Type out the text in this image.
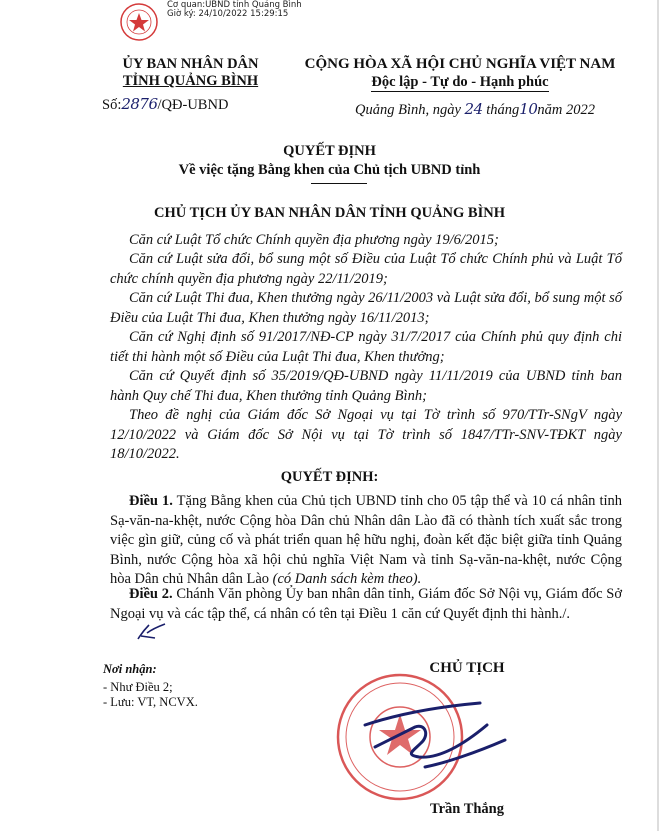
Cơ quan:UBND tỉnh Quảng Bình
Giờ ký: 24/10/2022 15:29:15
ỦY BAN NHÂN DÂN
TỈNH QUẢNG BÌNH
Số:2876/QĐ-UBND
CỘNG HÒA XÃ HỘI CHỦ NGHĨA VIỆT NAM
Độc lập - Tự do - Hạnh phúc
Quảng Bình, ngày 24 tháng10năm 2022
QUYẾT ĐỊNH
Về việc tặng Bằng khen của Chủ tịch UBND tỉnh
CHỦ TỊCH ỦY BAN NHÂN DÂN TỈNH QUẢNG BÌNH
Căn cứ Luật Tổ chức Chính quyền địa phương ngày 19/6/2015;
Căn cứ Luật sửa đổi, bổ sung một số Điều của Luật Tổ chức Chính phủ và Luật Tổ chức chính quyền địa phương ngày 22/11/2019;
Căn cứ Luật Thi đua, Khen thưởng ngày 26/11/2003 và Luật sửa đổi, bổ sung một số Điều của Luật Thi đua, Khen thưởng ngày 16/11/2013;
Căn cứ Nghị định số 91/2017/NĐ-CP ngày 31/7/2017 của Chính phủ quy định chi tiết thi hành một số Điều của Luật Thi đua, Khen thưởng;
Căn cứ Quyết định số 35/2019/QĐ-UBND ngày 11/11/2019 của UBND tỉnh ban hành Quy chế Thi đua, Khen thưởng tỉnh Quảng Bình;
Theo đề nghị của Giám đốc Sở Ngoại vụ tại Tờ trình số 970/TTr-SNgV ngày 12/10/2022 và Giám đốc Sở Nội vụ tại Tờ trình số 1847/TTr-SNV-TĐKT ngày 18/10/2022.
QUYẾT ĐỊNH:
Điều 1. Tặng Bằng khen của Chủ tịch UBND tỉnh cho 05 tập thể và 10 cá nhân tỉnh Sạ-văn-na-khệt, nước Cộng hòa Dân chủ Nhân dân Lào đã có thành tích xuất sắc trong việc gìn giữ, củng cố và phát triển quan hệ hữu nghị, đoàn kết đặc biệt giữa tỉnh Quảng Bình, nước Cộng hòa xã hội chủ nghĩa Việt Nam và tỉnh Sạ-văn-na-khệt, nước Cộng hòa Dân chủ Nhân dân Lào (có Danh sách kèm theo).
Điều 2. Chánh Văn phòng Ủy ban nhân dân tỉnh, Giám đốc Sở Nội vụ, Giám đốc Sở Ngoại vụ và các tập thể, cá nhân có tên tại Điều 1 căn cứ Quyết định thi hành./.
Nơi nhận:
- Như Điều 2;
- Lưu: VT, NCVX.
CHỦ TỊCH
Trần Thắng
